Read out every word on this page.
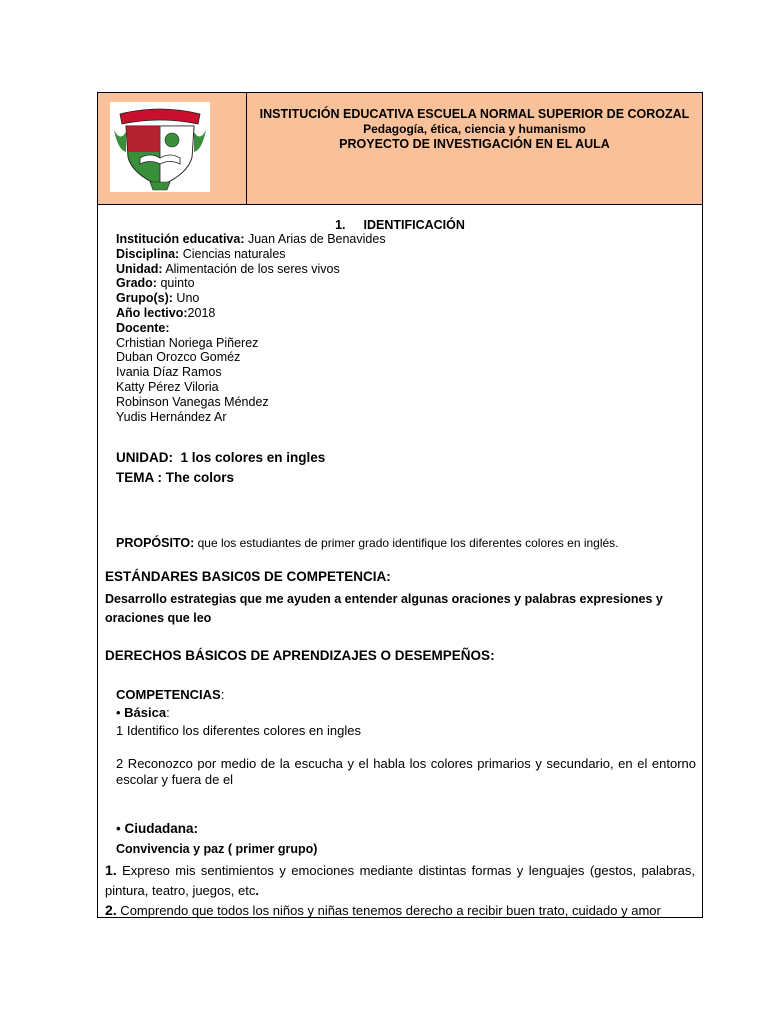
INSTITUCIÓN EDUCATIVA ESCUELA NORMAL SUPERIOR DE COROZAL
Pedagogía, ética, ciencia y humanismo
PROYECTO DE INVESTIGACIÓN EN EL AULA
1. IDENTIFICACIÓN
Institución educativa: Juan Arias de Benavides
Disciplina: Ciencias naturales
Unidad: Alimentación de los seres vivos
Grado: quinto
Grupo(s): Uno
Año lectivo:2018
Docente:
Crhistian Noriega Piñerez
Duban Orozco Goméz
Ivania Díaz Ramos
Katty Pérez Viloria
Robinson Vanegas Méndez
Yudis Hernández Ar
UNIDAD:  1 los colores en ingles
TEMA : The colors
PROPÓSITO: que los estudiantes de primer grado identifique los diferentes colores en inglés.
ESTÁNDARES BASIC0S DE COMPETENCIA:
Desarrollo estrategias que me ayuden a entender algunas oraciones y palabras expresiones y oraciones que leo
DERECHOS BÁSICOS DE APRENDIZAJES O DESEMPEÑOS:
COMPETENCIAS:
• Básica:
1 Identifico los diferentes colores en ingles
2 Reconozco por medio de la escucha y el habla los colores primarios y secundario, en el entorno escolar y fuera de el
• Ciudadana:
Convivencia y paz ( primer grupo)
1. Expreso mis sentimientos y emociones mediante distintas formas y lenguajes (gestos, palabras, pintura, teatro, juegos, etc.
2. Comprendo que todos los niños y niñas tenemos derecho a recibir buen trato, cuidado y amor
